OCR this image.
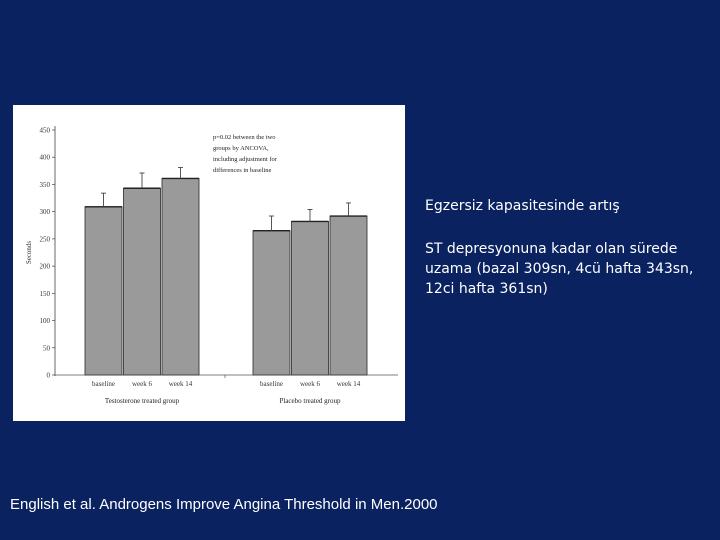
0
50
100
150
200
250
300
350
400
450
Seconds
baseline week 6 week 14
Testosterone treated group
baseline week 6 week 14
Placebo treated group
p=0.02 between the two
groups by ANCOVA,
including adjustment for
differences in baseline
Egzersiz kapasitesinde artış
ST depresyonuna kadar olan sürede uzama (bazal 309sn, 4cü hafta 343sn, 12ci hafta 361sn)
English et al. Androgens Improve Angina Threshold in Men.2000
